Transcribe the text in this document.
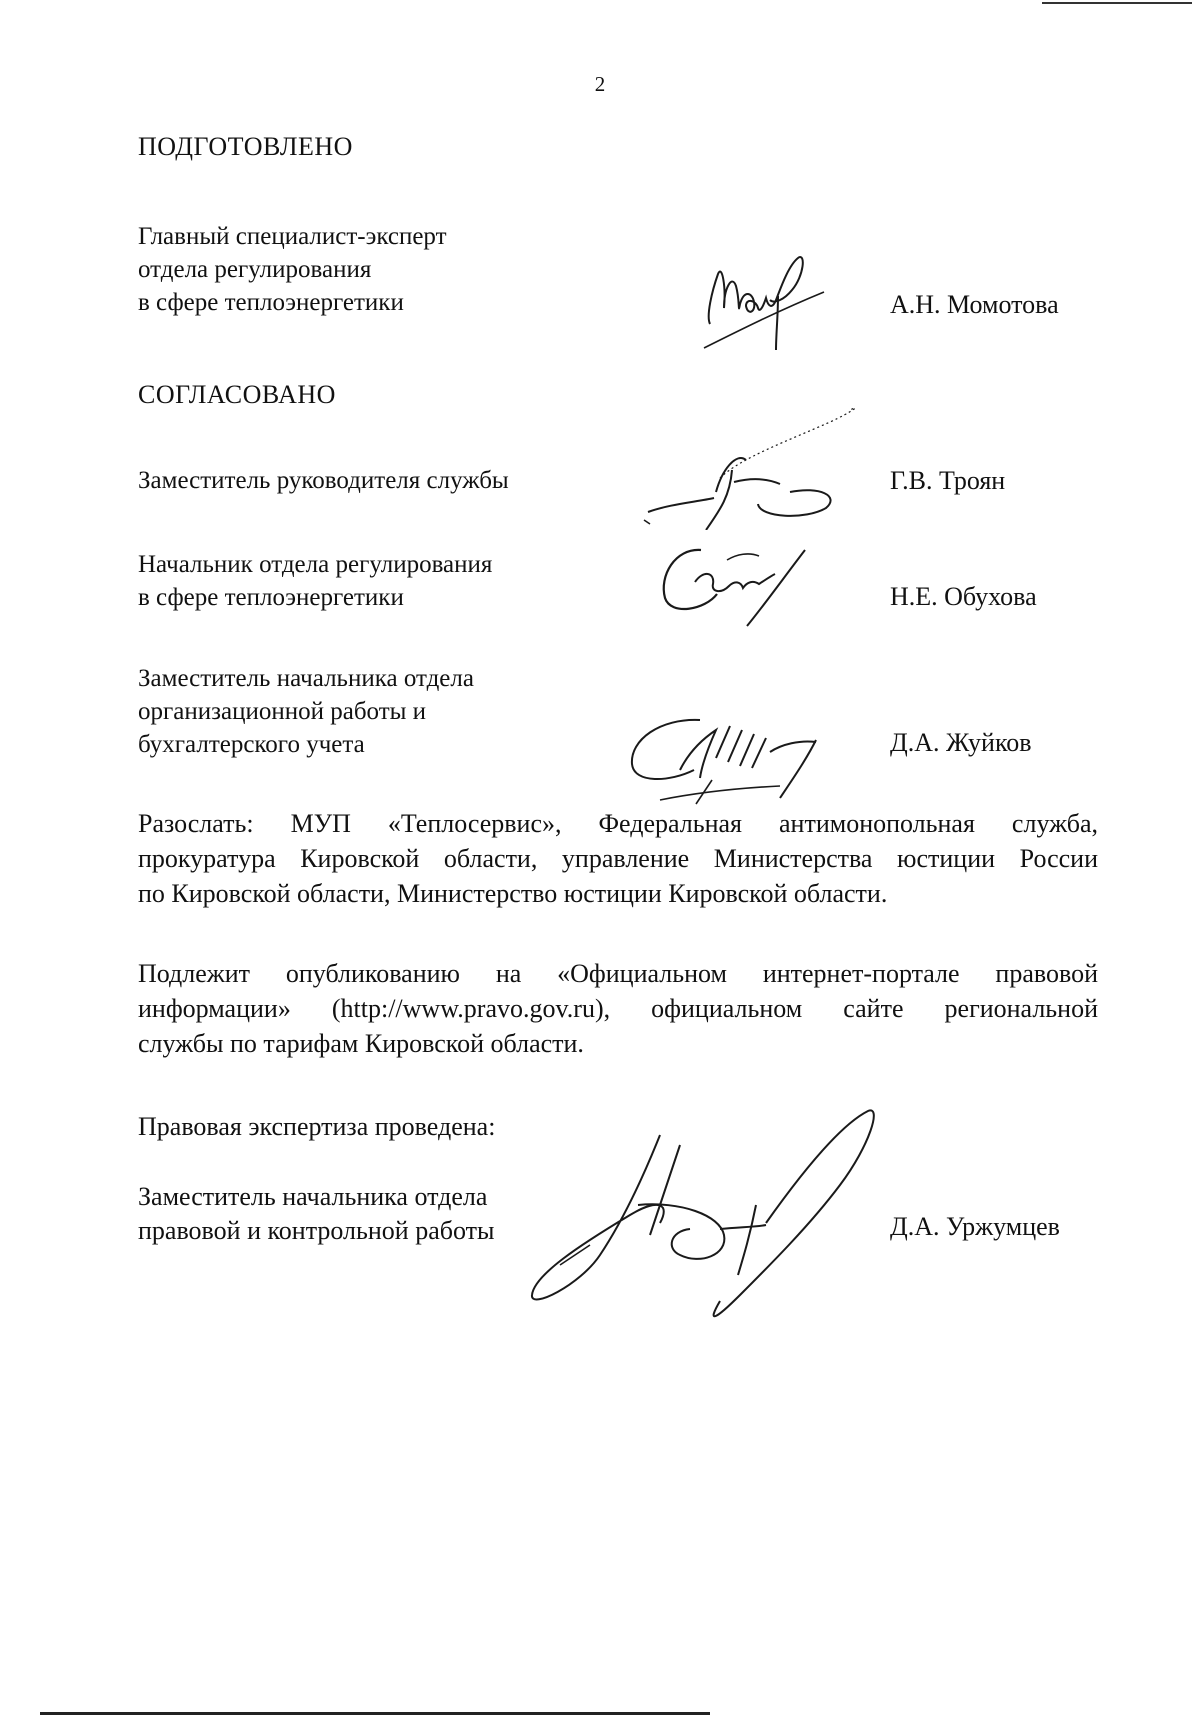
2
ПОДГОТОВЛЕНО
Главный специалист-эксперт
отдела регулирования
в сфере теплоэнергетики	А.Н. Момотова
СОГЛАСОВАНО
Заместитель руководителя службы	Г.В. Троян
Начальник отдела регулирования
в сфере теплоэнергетики	Н.Е. Обухова
Заместитель начальника отдела
организационной работы и
бухгалтерского учета	Д.А. Жуйков
Разослать: МУП «Теплосервис», Федеральная антимонопольная служба,
прокуратура Кировской области, управление Министерства юстиции России
по Кировской области, Министерство юстиции Кировской области.
Подлежит опубликованию на «Официальном интернет-портале правовой
информации» (http://www.pravo.gov.ru), официальном сайте региональной
службы по тарифам Кировской области.
Правовая экспертиза проведена:
Заместитель начальника отдела
правовой и контрольной работы	Д.А. Уржумцев
